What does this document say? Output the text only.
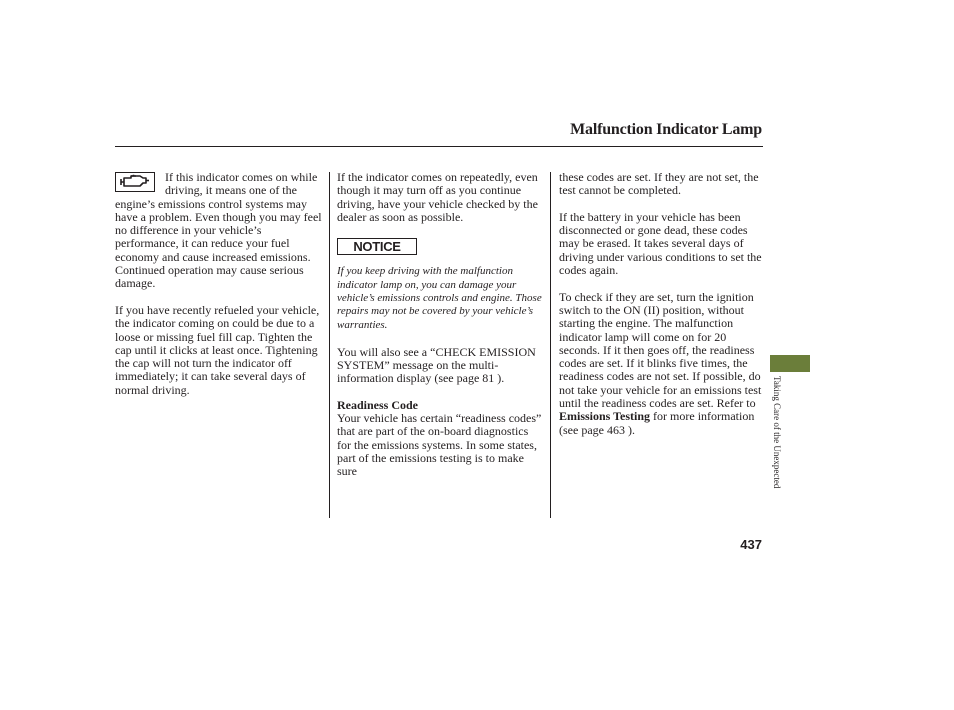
Malfunction Indicator Lamp

If this indicator comes on while driving, it means one of the engine’s emissions control systems may have a problem. Even though you may feel no difference in your vehicle’s performance, it can reduce your fuel economy and cause increased emissions. Continued operation may cause serious damage.

If you have recently refueled your vehicle, the indicator coming on could be due to a loose or missing fuel fill cap. Tighten the cap until it clicks at least once. Tightening the cap will not turn the indicator off immediately; it can take several days of normal driving.

If the indicator comes on repeatedly, even though it may turn off as you continue driving, have your vehicle checked by the dealer as soon as possible.

NOTICE

If you keep driving with the malfunction indicator lamp on, you can damage your vehicle’s emissions controls and engine. Those repairs may not be covered by your vehicle’s warranties.

You will also see a “CHECK EMISSION SYSTEM” message on the multi-information display (see page 81 ).

Readiness Code

Your vehicle has certain “readiness codes” that are part of the on-board diagnostics for the emissions systems. In some states, part of the emissions testing is to make sure

these codes are set. If they are not set, the test cannot be completed.

If the battery in your vehicle has been disconnected or gone dead, these codes may be erased. It takes several days of driving under various conditions to set the codes again.

To check if they are set, turn the ignition switch to the ON (II) position, without starting the engine. The malfunction indicator lamp will come on for 20 seconds. If it then goes off, the readiness codes are set. If it blinks five times, the readiness codes are not set. If possible, do not take your vehicle for an emissions test until the readiness codes are set. Refer to Emissions Testing for more information (see page 463 ).	Taking Care of the Unexpected
437
